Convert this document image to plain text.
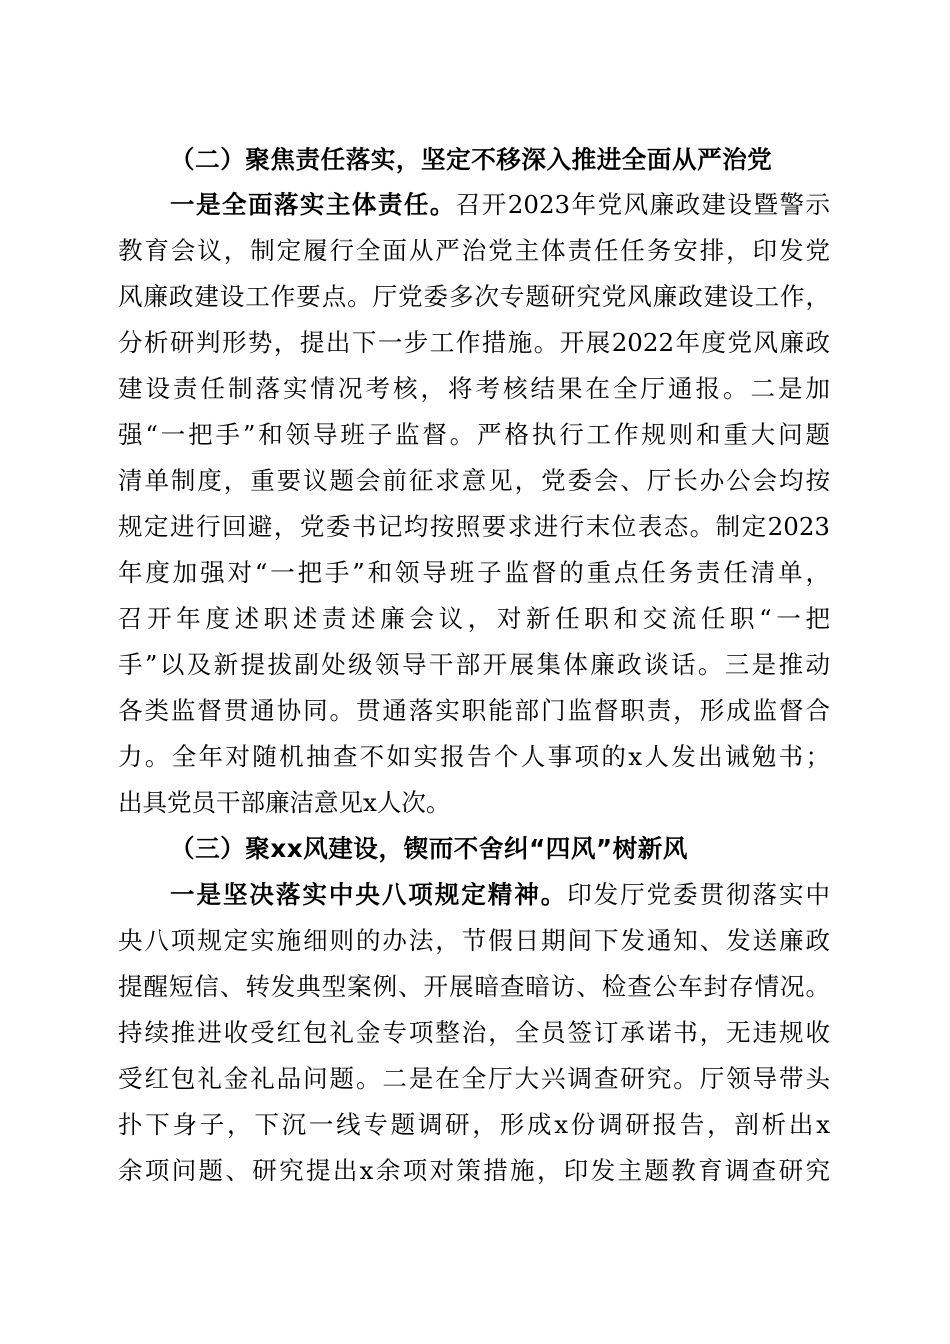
（二）聚焦责任落实，坚定不移深入推进全面从严治党
一是全面落实主体责任。召开2023年党风廉政建设暨警示
教育会议，制定履行全面从严治党主体责任任务安排，印发党
风廉政建设工作要点。厅党委多次专题研究党风廉政建设工作，
分析研判形势，提出下一步工作措施。开展2022年度党风廉政
建设责任制落实情况考核，将考核结果在全厅通报。二是加
强“一把手”和领导班子监督。严格执行工作规则和重大问题
清单制度，重要议题会前征求意见，党委会、厅长办公会均按
规定进行回避，党委书记均按照要求进行末位表态。制定2023
年度加强对“一把手”和领导班子监督的重点任务责任清单，
召开年度述职述责述廉会议，对新任职和交流任职“一把
手”以及新提拔副处级领导干部开展集体廉政谈话。三是推动
各类监督贯通协同。贯通落实职能部门监督职责，形成监督合
力。全年对随机抽查不如实报告个人事项的x人发出诫勉书；
出具党员干部廉洁意见x人次。
（三）聚xx风建设，锲而不舍纠“四风”树新风
一是坚决落实中央八项规定精神。印发厅党委贯彻落实中
央八项规定实施细则的办法，节假日期间下发通知、发送廉政
提醒短信、转发典型案例、开展暗查暗访、检查公车封存情况。
持续推进收受红包礼金专项整治，全员签订承诺书，无违规收
受红包礼金礼品问题。二是在全厅大兴调查研究。厅领导带头
扑下身子，下沉一线专题调研，形成x份调研报告，剖析出x
余项问题、研究提出x余项对策措施，印发主题教育调查研究
